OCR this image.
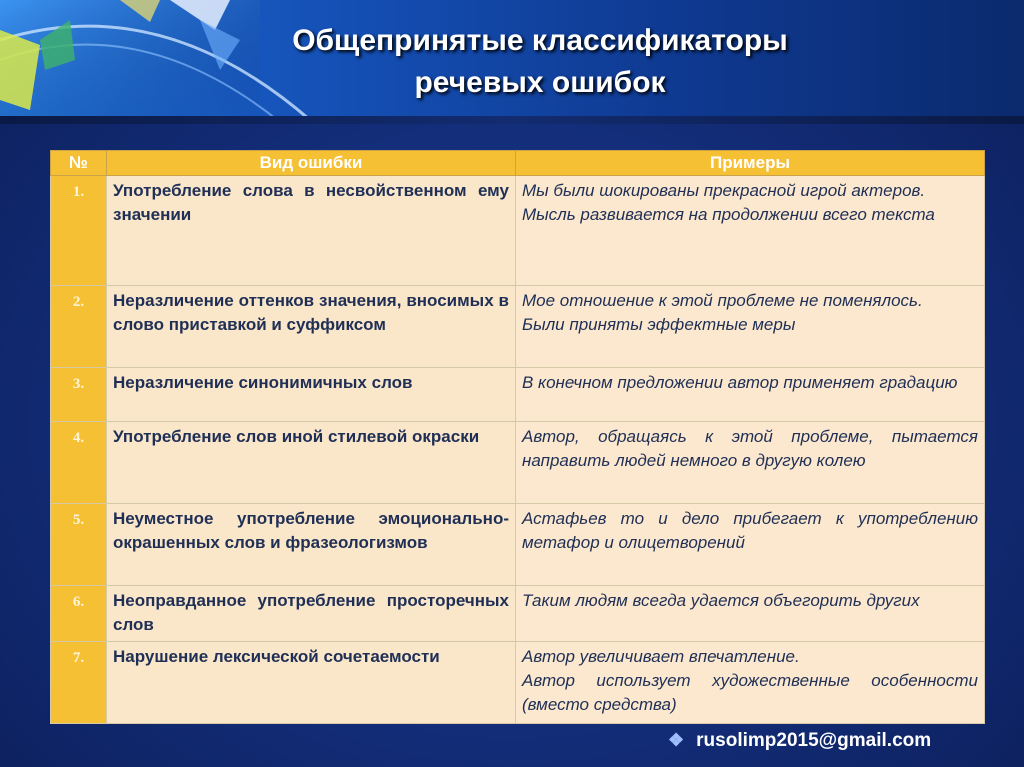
Общепринятые классификаторы
речевых ошибок
№	Вид ошибки	Примеры
1.	Употребление слова в несвойственном ему значении	Мы были шокированы прекрасной игрой актеров.
Мысль развивается на продолжении всего текста

2.	Неразличение оттенков значения, вносимых в слово приставкой и суффиксом	Мое отношение к этой проблеме не поменялось.
Были приняты эффектные меры

3.	Неразличение синонимичных слов	В конечном предложении автор применяет градацию

4.	Употребление слов иной стилевой окраски	Автор, обращаясь к этой проблеме, пытается направить людей немного в другую колею

5.	Неуместное употребление эмоционально-окрашенных слов и фразеологизмов	Астафьев то и дело прибегает к употреблению метафор и олицетворений

6.	Неоправданное употребление просторечных слов	Таким людям всегда удается объегорить других

7.	Нарушение лексической сочетаемости	Автор увеличивает впечатление.
Автор использует художественные особенности (вместо средства)
❖ rusolimp2015@gmail.com
